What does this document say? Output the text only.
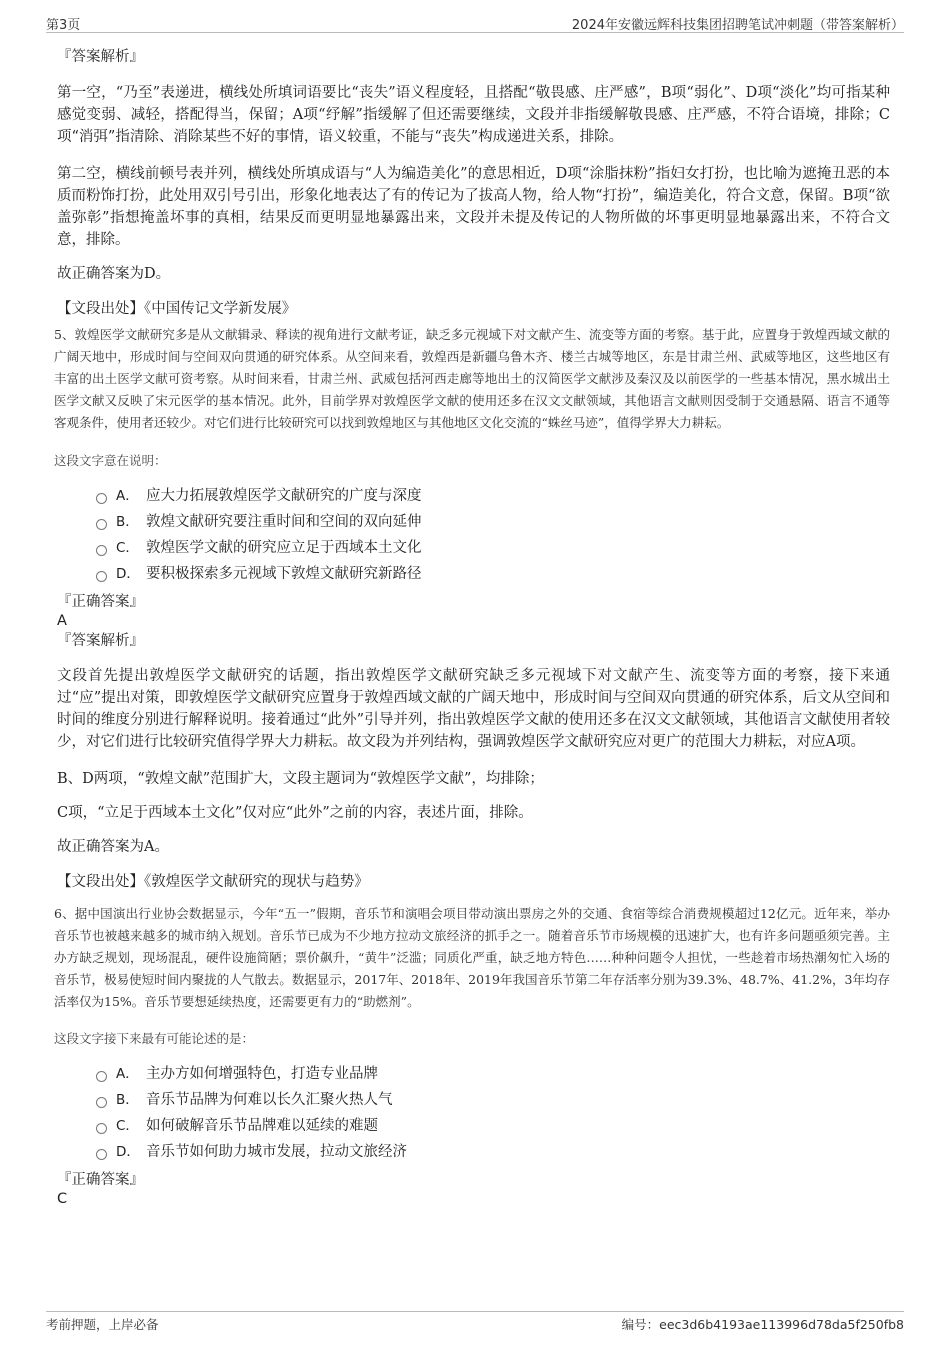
第3页	2024年安徽远辉科技集团招聘笔试冲刺题（带答案解析）

『答案解析』

第一空，“乃至”表递进，横线处所填词语要比“丧失”语义程度轻，且搭配“敬畏感、庄严感”，B项“弱化”、D项“淡化”均可指某种感觉变弱、减轻，搭配得当，保留；A项“纾解”指缓解了但还需要继续，文段并非指缓解敬畏感、庄严感，不符合语境，排除；C项“消弭”指清除、消除某些不好的事情，语义较重，不能与“丧失”构成递进关系，排除。

第二空，横线前顿号表并列，横线处所填成语与“人为编造美化”的意思相近，D项“涂脂抹粉”指妇女打扮，也比喻为遮掩丑恶的本质而粉饰打扮，此处用双引号引出，形象化地表达了有的传记为了拔高人物，给人物“打扮”，编造美化，符合文意，保留。B项“欲盖弥彰”指想掩盖坏事的真相，结果反而更明显地暴露出来，文段并未提及传记的人物所做的坏事更明显地暴露出来，不符合文意，排除。

故正确答案为D。

【文段出处】《中国传记文学新发展》

5、敦煌医学文献研究多是从文献辑录、释读的视角进行文献考证，缺乏多元视域下对文献产生、流变等方面的考察。基于此，应置身于敦煌西域文献的广阔天地中，形成时间与空间双向贯通的研究体系。从空间来看，敦煌西是新疆乌鲁木齐、楼兰古城等地区，东是甘肃兰州、武威等地区，这些地区有丰富的出土医学文献可资考察。从时间来看，甘肃兰州、武威包括河西走廊等地出土的汉简医学文献涉及秦汉及以前医学的一些基本情况，黑水城出土医学文献又反映了宋元医学的基本情况。此外，目前学界对敦煌医学文献的使用还多在汉文文献领域，其他语言文献则因受制于交通悬隔、语言不通等客观条件，使用者还较少。对它们进行比较研究可以找到敦煌地区与其他地区文化交流的“蛛丝马迹”，值得学界大力耕耘。

这段文字意在说明：

A． 应大力拓展敦煌医学文献研究的广度与深度
B． 敦煌文献研究要注重时间和空间的双向延伸
C． 敦煌医学文献的研究应立足于西域本土文化
D． 要积极探索多元视域下敦煌文献研究新路径

『正确答案』

A

『答案解析』

文段首先提出敦煌医学文献研究的话题，指出敦煌医学文献研究缺乏多元视域下对文献产生、流变等方面的考察，接下来通过“应”提出对策，即敦煌医学文献研究应置身于敦煌西域文献的广阔天地中，形成时间与空间双向贯通的研究体系，后文从空间和时间的维度分别进行解释说明。接着通过“此外”引导并列，指出敦煌医学文献的使用还多在汉文文献领域，其他语言文献使用者较少，对它们进行比较研究值得学界大力耕耘。故文段为并列结构，强调敦煌医学文献研究应对更广的范围大力耕耘，对应A项。

B、D两项，“敦煌文献”范围扩大，文段主题词为“敦煌医学文献”，均排除；

C项，“立足于西域本土文化”仅对应“此外”之前的内容，表述片面，排除。

故正确答案为A。

【文段出处】《敦煌医学文献研究的现状与趋势》

6、据中国演出行业协会数据显示，今年“五一”假期，音乐节和演唱会项目带动演出票房之外的交通、食宿等综合消费规模超过12亿元。近年来，举办音乐节也被越来越多的城市纳入规划。音乐节已成为不少地方拉动文旅经济的抓手之一。随着音乐节市场规模的迅速扩大，也有许多问题亟须完善。主办方缺乏规划，现场混乱，硬件设施简陋；票价飙升，“黄牛”泛滥；同质化严重，缺乏地方特色……种种问题令人担忧，一些趁着市场热潮匆忙入场的音乐节，极易使短时间内聚拢的人气散去。数据显示，2017年、2018年、2019年我国音乐节第二年存活率分别为39.3%、48.7%、41.2%，3年均存活率仅为15%。音乐节要想延续热度，还需要更有力的“助燃剂”。

这段文字接下来最有可能论述的是：

A． 主办方如何增强特色，打造专业品牌
B． 音乐节品牌为何难以长久汇聚火热人气
C． 如何破解音乐节品牌难以延续的难题
D． 音乐节如何助力城市发展，拉动文旅经济

『正确答案』

C

考前押题，上岸必备	编号：eec3d6b4193ae113996d78da5f250fb8
